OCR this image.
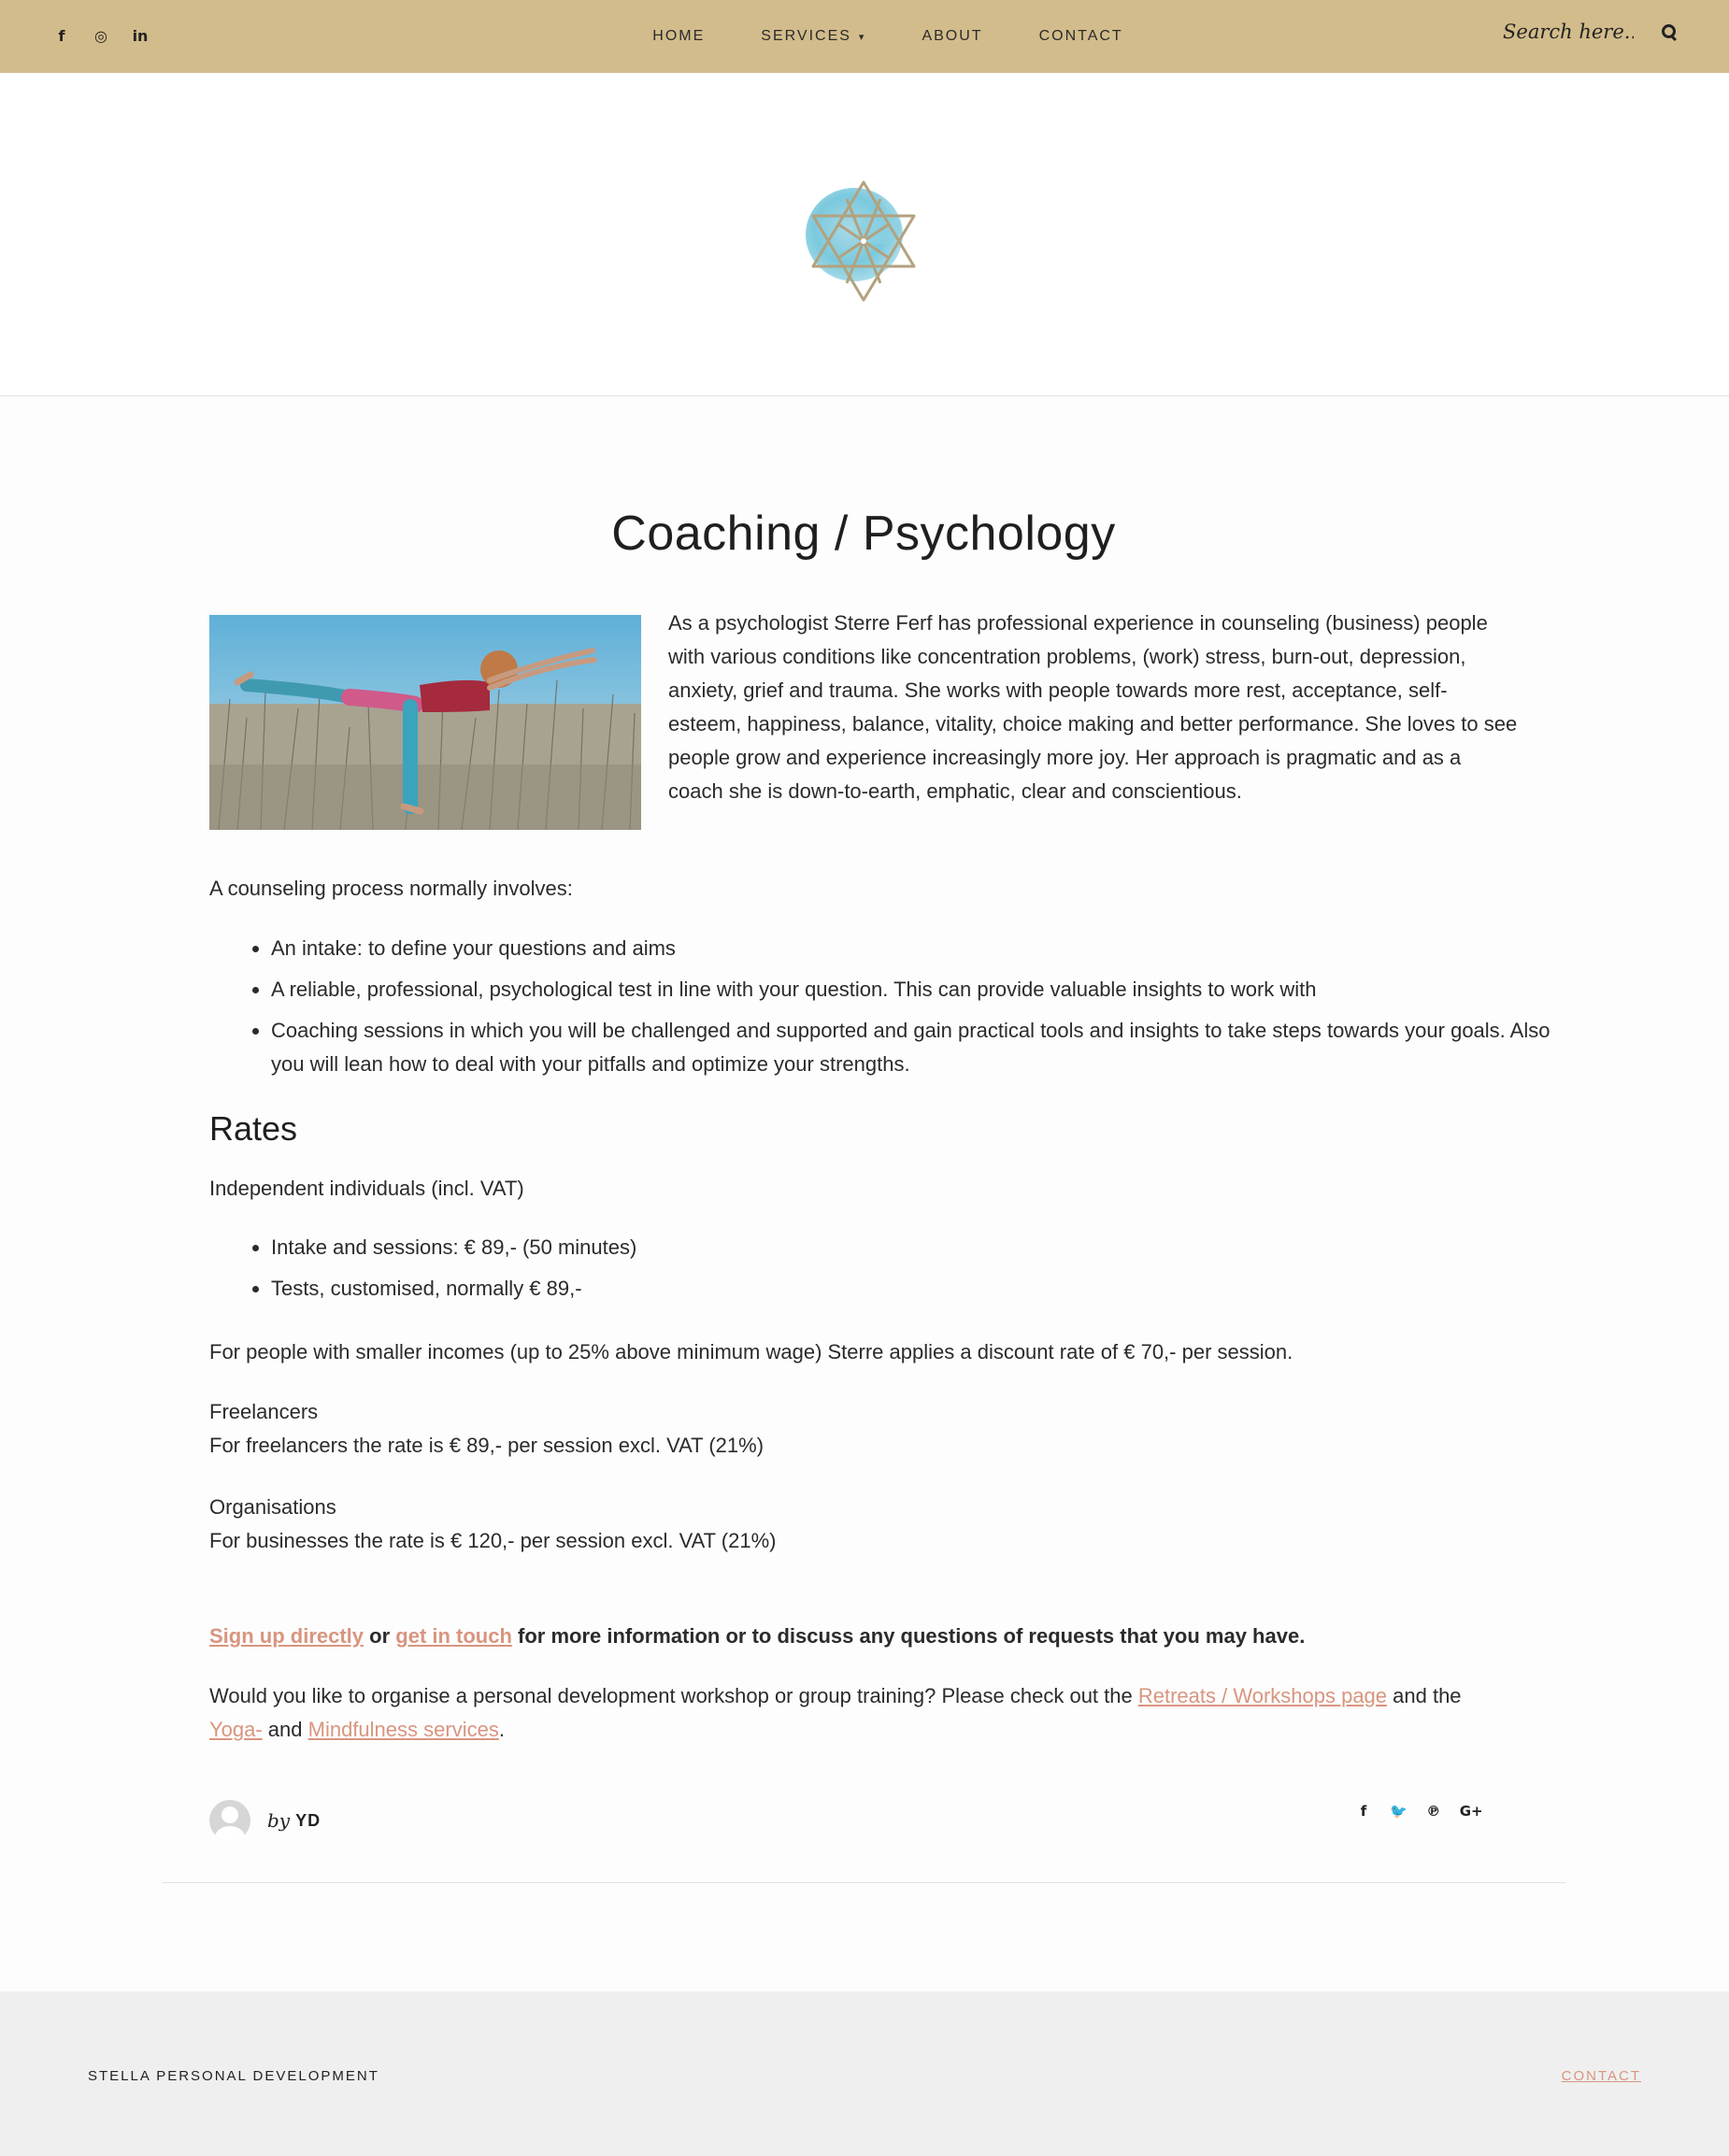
f	◎ in	HOME	SERVICES ▾	ABOUT	CONTACT
Search here...
Coaching / Psychology

As a psychologist Sterre Ferf has professional experience in counseling (business) people with various conditions like concentration problems, (work) stress, burn-out, depression, anxiety, grief and trauma. She works with people towards more rest, acceptance, self-esteem, happiness, balance, vitality, choice making and better performance. She loves to see people grow and experience increasingly more joy. Her approach is pragmatic and as a coach she is down-to-earth, emphatic, clear and conscientious.

A counseling process normally involves:

• An intake: to define your questions and aims
• A reliable, professional, psychological test in line with your question. This can provide valuable insights to work with
• Coaching sessions in which you will be challenged and supported and gain practical tools and insights to take steps towards your goals. Also you will lean how to deal with your pitfalls and optimize your strengths.
Rates

Independent individuals (incl. VAT)

• Intake and sessions: € 89,- (50 minutes)
• Tests, customised, normally € 89,-

For people with smaller incomes (up to 25% above minimum wage) Sterre applies a discount rate of € 70,- per session.

Freelancers

For freelancers the rate is € 89,- per session excl. VAT (21%)

Organisations

For businesses the rate is € 120,- per session excl. VAT (21%)

Sign up directly or get in touch for more information or to discuss any questions of requests that you may have.

Would you like to organise a personal development workshop or group training? Please check out the Retreats / Workshops page and the Yoga- and Mindfulness services.

by YD	f	🐦 ℗ G+
STELLA PERSONAL DEVELOPMENT	CONTACT
